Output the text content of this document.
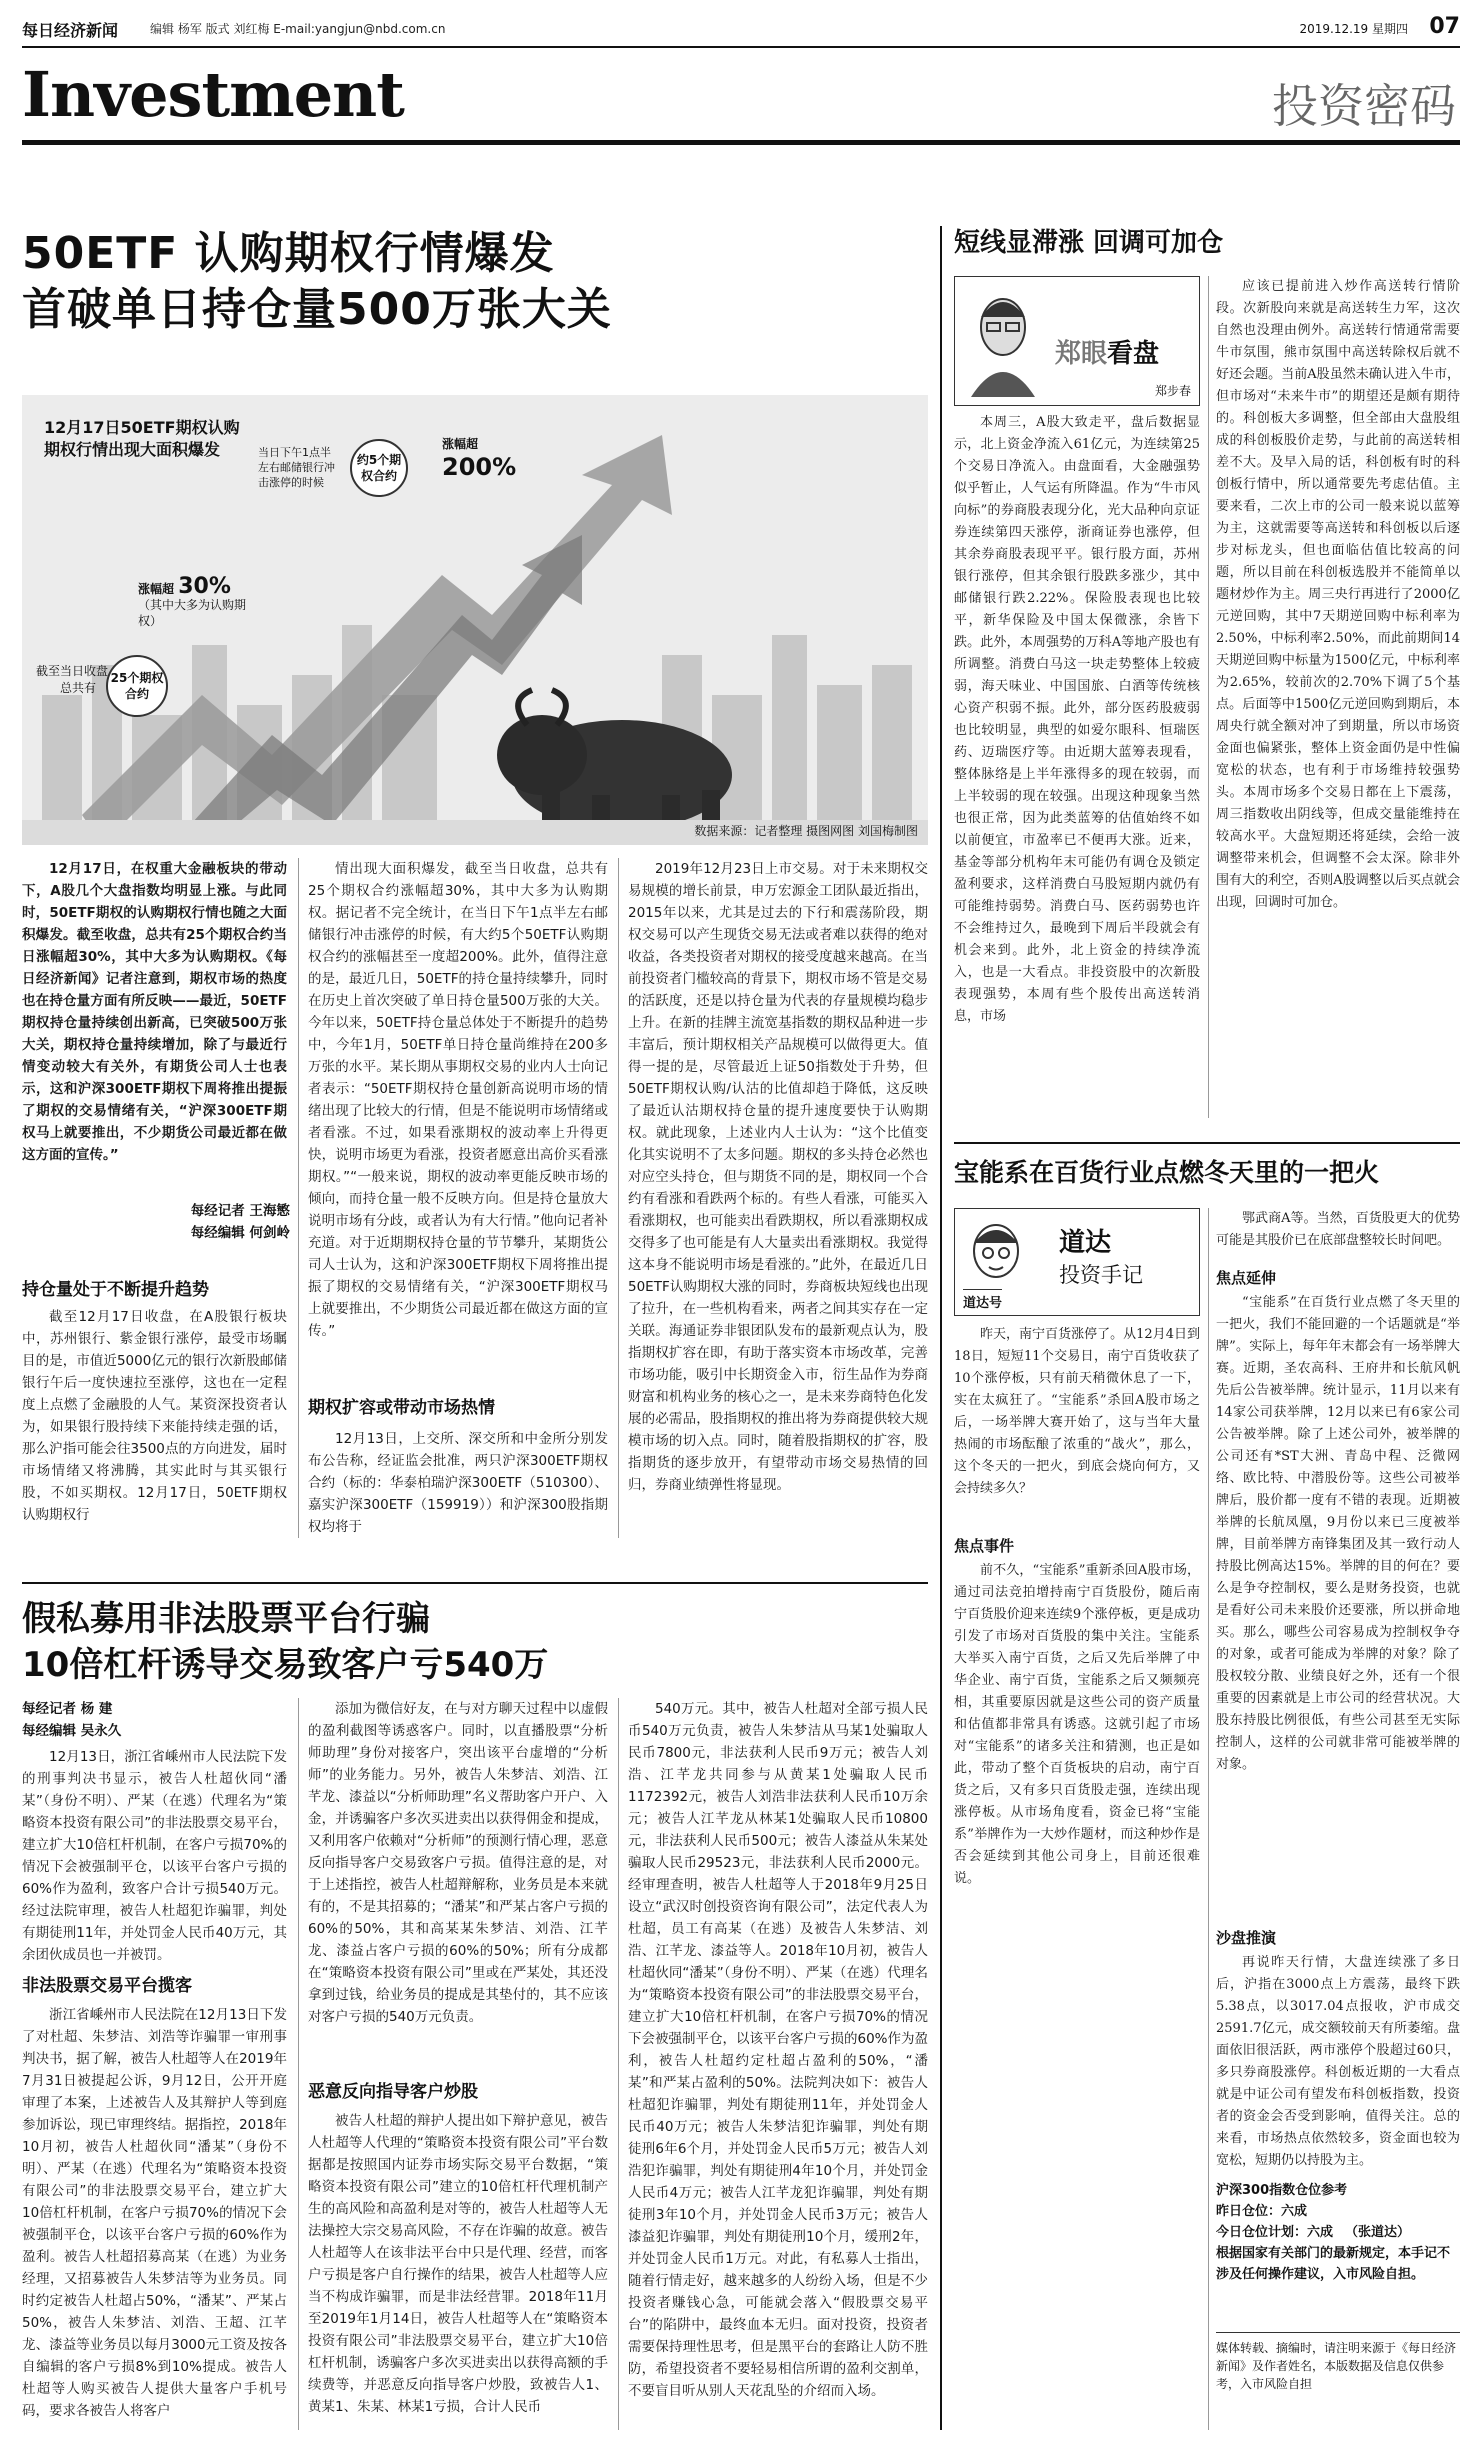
每日经济新闻	编辑 杨军 版式 刘红梅 E-mail:yangjun@nbd.com.cn	2019.12.19 星期四 07
Investment	投资密码
50ETF 认购期权行情爆发
首破单日持仓量500万张大关
12月17日50ETF期权认购
期权行情出现大面积爆发
截至当日收盘
总共有
25个期权合约
涨幅超 30%
（其中大多为认购期权）
当日下午1点半
左右邮储银行冲
击涨停的时候
约5个期权合约
涨幅超
200%
数据来源：记者整理 摄图网图 刘国梅制图

12月17日，在权重大金融板块的带动下，A股几个大盘指数均明显上涨。与此同时，50ETF期权的认购期权行情也随之大面积爆发。截至收盘，总共有25个期权合约当日涨幅超30%，其中大多为认购期权。《每日经济新闻》记者注意到，期权市场的热度也在持仓量方面有所反映——最近，50ETF期权持仓量持续创出新高，已突破500万张大关，期权持仓量持续增加，除了与最近行情变动较大有关外，有期货公司人士也表示，这和沪深300ETF期权下周将推出提振了期权的交易情绪有关，“沪深300ETF期权马上就要推出，不少期货公司最近都在做这方面的宣传。”

每经记者 王海慜
每经编辑 何剑岭
持仓量处于不断提升趋势

截至12月17日收盘，在A股银行板块中，苏州银行、紫金银行涨停，最受市场瞩目的是，市值近5000亿元的银行次新股邮储银行午后一度快速拉至涨停，这也在一定程度上点燃了金融股的人气。某资深投资者认为，如果银行股持续下来能持续走强的话，那么沪指可能会往3500点的方向进发，届时市场情绪又将沸腾，其实此时与其买银行股，不如买期权。12月17日，50ETF期权认购期权行

情出现大面积爆发，截至当日收盘，总共有25个期权合约涨幅超30%，其中大多为认购期权。据记者不完全统计，在当日下午1点半左右邮储银行冲击涨停的时候，有大约5个50ETF认购期权合约的涨幅甚至一度超200%。此外，值得注意的是，最近几日，50ETF的持仓量持续攀升，同时在历史上首次突破了单日持仓量500万张的大关。今年以来，50ETF持仓量总体处于不断提升的趋势中，今年1月，50ETF单日持仓量尚维持在200多万张的水平。某长期从事期权交易的业内人士向记者表示：“50ETF期权持仓量创新高说明市场的情绪出现了比较大的行情，但是不能说明市场情绪或者看涨。不过，如果看涨期权的波动率上升得更快，说明市场更为看涨，投资者愿意出高价买看涨期权。”“一般来说，期权的波动率更能反映市场的倾向，而持仓量一般不反映方向。但是持仓量放大说明市场有分歧，或者认为有大行情。”他向记者补充道。对于近期期权持仓量的节节攀升，某期货公司人士认为，这和沪深300ETF期权下周将推出提振了期权的交易情绪有关，“沪深300ETF期权马上就要推出，不少期货公司最近都在做这方面的宣传。”

期权扩容或带动市场热情

12月13日，上交所、深交所和中金所分别发布公告称，经证监会批准，两只沪深300ETF期权合约（标的：华泰柏瑞沪深300ETF（510300）、嘉实沪深300ETF（159919））和沪深300股指期权均将于

2019年12月23日上市交易。对于未来期权交易规模的增长前景，申万宏源金工团队最近指出，2015年以来，尤其是过去的下行和震荡阶段，期权交易可以产生现货交易无法或者难以获得的绝对收益，各类投资者对期权的接受度越来越高。在当前投资者门槛较高的背景下，期权市场不管是交易的活跃度，还是以持仓量为代表的存量规模均稳步上升。在新的挂牌主流宽基指数的期权品种进一步丰富后，预计期权相关产品规模可以做得更大。值得一提的是，尽管最近上证50指数处于升势，但50ETF期权认购/认沽的比值却趋于降低，这反映了最近认沽期权持仓量的提升速度要快于认购期权。就此现象，上述业内人士认为：“这个比值变化其实说明不了太多问题。期权的多头持仓必然也对应空头持仓，但与期货不同的是，期权同一个合约有看涨和看跌两个标的。有些人看涨，可能买入看涨期权，也可能卖出看跌期权，所以看涨期权成交得多了也可能是有人大量卖出看涨期权。我觉得这本身不能说明市场是看涨的。”此外，在最近几日50ETF认购期权大涨的同时，券商板块短线也出现了拉升，在一些机构看来，两者之间其实存在一定关联。海通证券非银团队发布的最新观点认为，股指期权扩容在即，有助于落实资本市场改革，完善市场功能，吸引中长期资金入市，衍生品作为券商财富和机构业务的核心之一，是未来券商特色化发展的必需品，股指期权的推出将为券商提供较大规模市场的切入点。同时，随着股指期权的扩容，股指期货的逐步放开，有望带动市场交易热情的回归，券商业绩弹性将显现。

假私募用非法股票平台行骗
10倍杠杆诱导交易致客户亏540万
每经记者 杨 建
每经编辑 吴永久

12月13日，浙江省嵊州市人民法院下发的刑事判决书显示，被告人杜超伙同“潘某”（身份不明）、严某（在逃）代理名为“策略资本投资有限公司”的非法股票交易平台，建立扩大10倍杠杆机制，在客户亏损70%的情况下会被强制平仓，以该平台客户亏损的60%作为盈利，致客户合计亏损540万元。经过法院审理，被告人杜超犯诈骗罪，判处有期徒刑11年，并处罚金人民币40万元，其余团伙成员也一并被罚。

非法股票交易平台揽客

浙江省嵊州市人民法院在12月13日下发了对杜超、朱梦洁、刘浩等诈骗罪一审刑事判决书，据了解，被告人杜超等人在2019年7月31日被提起公诉，9月12日，公开开庭审理了本案，上述被告人及其辩护人等到庭参加诉讼，现已审理终结。据指控，2018年10月初，被告人杜超伙同“潘某”（身份不明）、严某（在逃）代理名为“策略资本投资有限公司”的非法股票交易平台，建立扩大10倍杠杆机制，在客户亏损70%的情况下会被强制平仓，以该平台客户亏损的60%作为盈利。被告人杜超招募高某（在逃）为业务经理，又招募被告人朱梦洁等为业务员。同时约定被告人杜超占50%，“潘某”、严某占50%，被告人朱梦洁、刘浩、王超、江芊龙、漆益等业务员以每月3000元工资及按各自编辑的客户亏损8%到10%提成。被告人杜超等人购买被告人提供大量客户手机号码，要求各被告人将客户

添加为微信好友，在与对方聊天过程中以虚假的盈利截图等诱惑客户。同时，以直播股票“分析师助理”身份对接客户，突出该平台虚增的“分析师”的业务能力。另外，被告人朱梦洁、刘浩、江芊龙、漆益以“分析师助理”名义帮助客户开户、入金，并诱骗客户多次买进卖出以获得佣金和提成，又利用客户依赖对“分析师”的预测行情心理，恶意反向指导客户交易致客户亏损。值得注意的是，对于上述指控，被告人杜超辩解称，业务员是本来就有的，不是其招募的；“潘某”和严某占客户亏损的60%的50%，其和高某某朱梦洁、刘浩、江芊龙、漆益占客户亏损的60%的50%；所有分成都在“策略资本投资有限公司”里或在严某处，其还没拿到过钱，给业务员的提成是其垫付的，其不应该对客户亏损的540万元负责。

恶意反向指导客户炒股

被告人杜超的辩护人提出如下辩护意见，被告人杜超等人代理的“策略资本投资有限公司”平台数据都是按照国内证券市场实际交易平台数据，“策略资本投资有限公司”建立的10倍杠杆代理机制产生的高风险和高盈利是对等的，被告人杜超等人无法操控大宗交易高风险，不存在诈骗的故意。被告人杜超等人在该非法平台中只是代理、经营，而客户亏损是客户自行操作的结果，被告人杜超等人应当不构成诈骗罪，而是非法经营罪。2018年11月至2019年1月14日，被告人杜超等人在“策略资本投资有限公司”非法股票交易平台，建立扩大10倍杠杆机制，诱骗客户多次买进卖出以获得高额的手续费等，并恶意反向指导客户炒股，致被告人1、黄某1、朱某、林某1亏损，合计人民币

540万元。其中，被告人杜超对全部亏损人民币540万元负责，被告人朱梦洁从马某1处骗取人民币7800元，非法获利人民币9万元；被告人刘浩、江芊龙共同参与从黄某1处骗取人民币1172392元，被告人刘浩非法获利人民币10万余元；被告人江芊龙从林某1处骗取人民币10800元，非法获利人民币500元；被告人漆益从朱某处骗取人民币29523元，非法获利人民币2000元。经审理查明，被告人杜超等人于2018年9月25日设立“武汉时创投资咨询有限公司”，法定代表人为杜超，员工有高某（在逃）及被告人朱梦洁、刘浩、江芊龙、漆益等人。2018年10月初，被告人杜超伙同“潘某”（身份不明）、严某（在逃）代理名为“策略资本投资有限公司”的非法股票交易平台，建立扩大10倍杠杆机制，在客户亏损70%的情况下会被强制平仓，以该平台客户亏损的60%作为盈利，被告人杜超约定杜超占盈利的50%，“潘某”和严某占盈利的50%。法院判决如下：被告人杜超犯诈骗罪，判处有期徒刑11年，并处罚金人民币40万元；被告人朱梦洁犯诈骗罪，判处有期徒刑6年6个月，并处罚金人民币5万元；被告人刘浩犯诈骗罪，判处有期徒刑4年10个月，并处罚金人民币4万元；被告人江芊龙犯诈骗罪，判处有期徒刑3年10个月，并处罚金人民币3万元；被告人漆益犯诈骗罪，判处有期徒刑10个月，缓刑2年，并处罚金人民币1万元。对此，有私募人士指出，随着行情走好，越来越多的人纷纷入场，但是不少投资者赚钱心急，可能就会落入“假股票交易平台”的陷阱中，最终血本无归。面对投资，投资者需要保持理性思考，但是黑平台的套路让人防不胜防，希望投资者不要轻易相信所谓的盈利交割单，不要盲目听从别人天花乱坠的介绍而入场。

短线显滞涨 回调可加仓
郑眼看盘
郑步春

本周三，A股大致走平，盘后数据显示，北上资金净流入61亿元，为连续第25个交易日净流入。由盘面看，大金融强势似乎暂止，人气运有所降温。作为“牛市风向标”的券商股表现分化，光大品种向京证券连续第四天涨停，浙商证券也涨停，但其余券商股表现平平。银行股方面，苏州银行涨停，但其余银行股跌多涨少，其中邮储银行跌2.22%。保险股表现也比较平，新华保险及中国太保微涨，余皆下跌。此外，本周强势的万科A等地产股也有所调整。消费白马这一块走势整体上较疲弱，海天味业、中国国旅、白酒等传统核心资产积弱不振。此外，部分医药股疲弱也比较明显，典型的如爱尔眼科、恒瑞医药、迈瑞医疗等。由近期大蓝筹表现看，整体脉络是上半年涨得多的现在较弱，而上半较弱的现在较强。出现这种现象当然也很正常，因为此类蓝筹的估值始终不如以前便宜，市盈率已不便再大涨。近来，基金等部分机构年末可能仍有调仓及锁定盈利要求，这样消费白马股短期内就仍有可能维持弱势。消费白马、医药弱势也许不会维持过久，最晚到下周后半段就会有机会来到。此外，北上资金的持续净流入，也是一大看点。非投资股中的次新股表现强势，本周有些个股传出高送转消息，市场

应该已提前进入炒作高送转行情阶段。次新股向来就是高送转生力军，这次自然也没理由例外。高送转行情通常需要牛市氛围，熊市氛围中高送转除权后就不好还会题。当前A股虽然未确认进入牛市，但市场对“未来牛市”的期望还是颇有期待的。科创板大多调整，但全部由大盘股组成的科创板股价走势，与此前的高送转相差不大。及早入局的话，科创板有时的科创板行情中，所以通常要先考虑估值。主要来看，二次上市的公司一般来说以蓝筹为主，这就需要等高送转和科创板以后逐步对标龙头，但也面临估值比较高的问题，所以目前在科创板选股并不能简单以题材炒作为主。周三央行再进行了2000亿元逆回购，其中7天期逆回购中标利率为2.50%，中标利率2.50%，而此前期间14天期逆回购中标量为1500亿元，中标利率为2.65%，较前次的2.70%下调了5个基点。后面等中1500亿元逆回购到期后，本周央行就全额对冲了到期量，所以市场资金面也偏紧张，整体上资金面仍是中性偏宽松的状态，也有利于市场维持较强势头。本周市场多个交易日都在上下震荡，周三指数收出阴线等，但成交量能维持在较高水平。大盘短期还将延续，会给一波调整带来机会，但调整不会太深。除非外围有大的利空，否则A股调整以后买点就会出现，回调时可加仓。

宝能系在百货行业点燃冬天里的一把火
道达号
道达
投资手记

昨天，南宁百货涨停了。从12月4日到18日，短短11个交易日，南宁百货收获了10个涨停板，只有前天稍微休息了一下，实在太疯狂了。“宝能系”杀回A股市场之后，一场举牌大赛开始了，这与当年大量热闹的市场酝酿了浓重的“战火”，那么，这个冬天的一把火，到底会烧向何方，又会持续多久？

焦点事件

前不久，“宝能系”重新杀回A股市场，通过司法竞拍增持南宁百货股份，随后南宁百货股价迎来连续9个涨停板，更是成功引发了市场对百货股的集中关注。宝能系大举买入南宁百货，之后又先后举牌了中华企业、南宁百货，宝能系之后又频频亮相，其重要原因就是这些公司的资产质量和估值都非常具有诱惑。这就引起了市场对“宝能系”的诸多关注和猜测，也正是如此，带动了整个百货板块的启动，南宁百货之后，又有多只百货股走强，连续出现涨停板。从市场角度看，资金已将“宝能系”举牌作为一大炒作题材，而这种炒作是否会延续到其他公司身上，目前还很难说。

鄂武商A等。当然，百货股更大的优势可能是其股价已在底部盘整较长时间吧。

焦点延伸

“宝能系”在百货行业点燃了冬天里的一把火，我们不能回避的一个话题就是“举牌”。实际上，每年年末都会有一场举牌大赛。近期，圣农高科、王府井和长航风帆先后公告被举牌。统计显示，11月以来有14家公司获举牌，12月以来已有6家公司公告被举牌。除了上述公司外，被举牌的公司还有*ST大洲、青岛中程、泛微网络、欧比特、中潜股份等。这些公司被举牌后，股价都一度有不错的表现。近期被举牌的长航凤凰，9月份以来已三度被举牌，目前举牌方南锋集团及其一致行动人持股比例高达15%。举牌的目的何在？要么是争夺控制权，要么是财务投资，也就是看好公司未来股价还要涨，所以拼命地买。那么，哪些公司容易成为控制权争夺的对象，或者可能成为举牌的对象？除了股权较分散、业绩良好之外，还有一个很重要的因素就是上市公司的经营状况。大股东持股比例很低，有些公司甚至无实际控制人，这样的公司就非常可能被举牌的对象。

沙盘推演

再说昨天行情，大盘连续涨了多日后，沪指在3000点上方震荡，最终下跌5.38点，以3017.04点报收，沪市成交2591.7亿元，成交额较前天有所萎缩。盘面依旧很活跃，两市涨停个股超过60只，多只券商股涨停。科创板近期的一大看点就是中证公司有望发布科创板指数，投资者的资金会否受到影响，值得关注。总的来看，市场热点依然较多，资金面也较为宽松，短期仍以持股为主。

沪深300指数仓位参考
昨日仓位：六成
今日仓位计划：六成 （张道达）
根据国家有关部门的最新规定，本手记不涉及任何操作建议，入市风险自担。
媒体转载、摘编时，请注明来源于《每日经济新闻》及作者姓名，本版数据及信息仅供参考，入市风险自担
